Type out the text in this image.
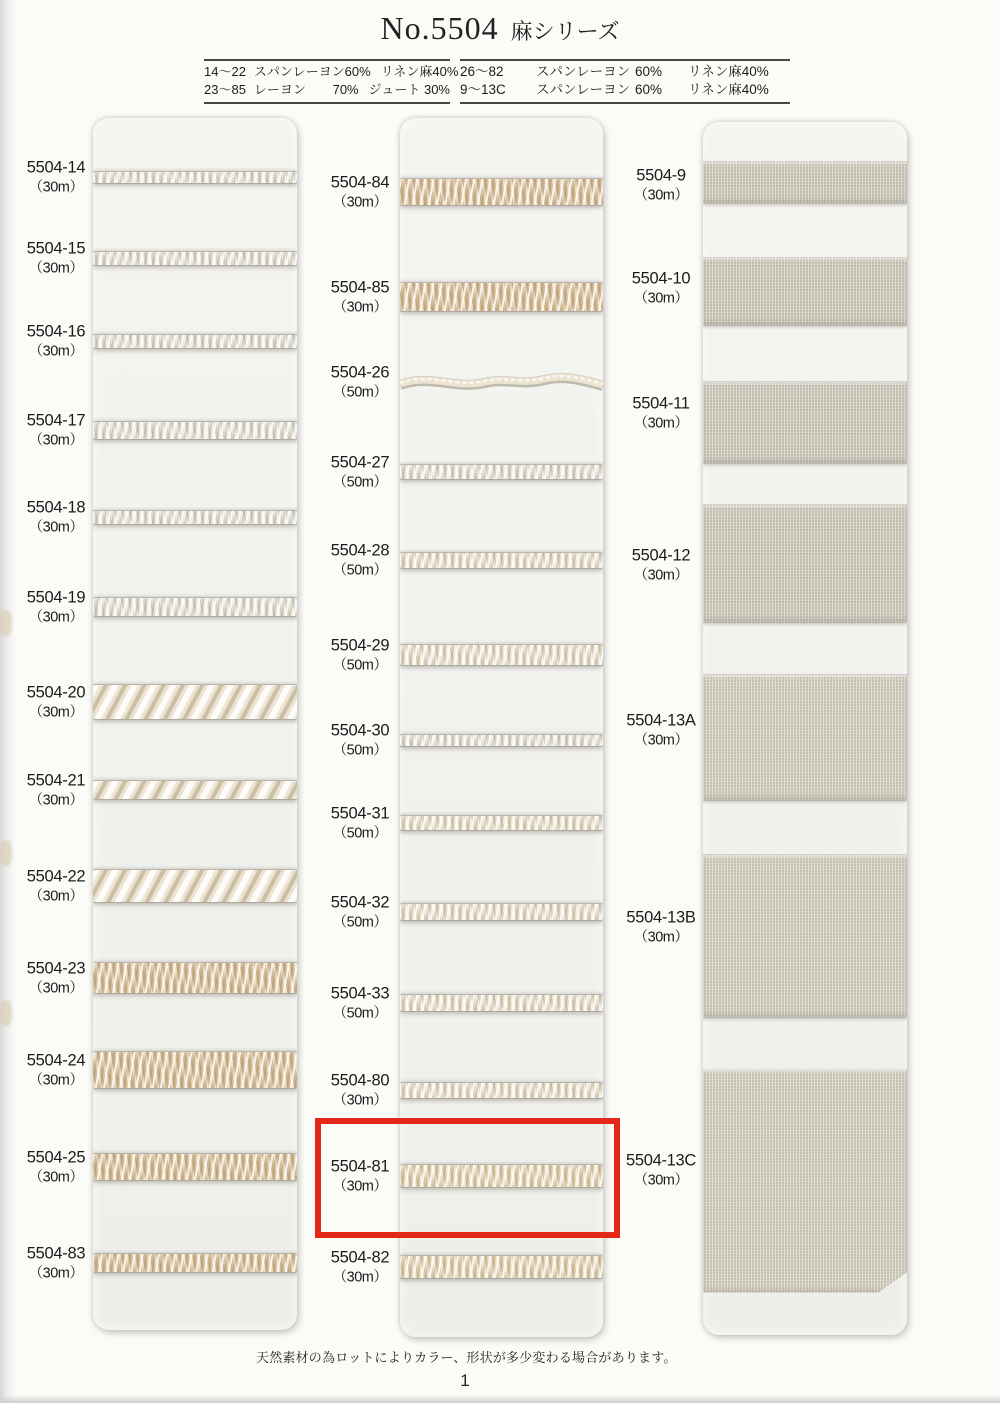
No.5504 麻シリーズ
14〜22 スパンレーヨン 60% リネン麻40%
23〜85 レーヨン 70% ジュート 30%
26〜82	スパンレーヨン 60% リネン麻40%
9〜13C	スパンレーヨン 60% リネン麻40%
天然素材の為ロットによりカラー、形状が多少変わる場合があります。
1
5504-14
（30m）
5504-15
（30m）
5504-16
（30m）
5504-17
（30m）
5504-18
（30m）
5504-19
（30m）
5504-20
（30m）
5504-21
（30m）
5504-22
（30m）
5504-23
（30m）
5504-24
（30m）
5504-25
（30m）
5504-83
（30m）
5504-84
（30m）
5504-85
（30m）
5504-26
（50m）
5504-27
（50m）
5504-28
（50m）
5504-29
（50m）
5504-30
（50m）
5504-31
（50m）
5504-32
（50m）
5504-33
（50m）
5504-80
（30m）
5504-81
（30m）
5504-82
（30m）
5504-9
（30m）
5504-10
（30m）
5504-11
（30m）
5504-12
（30m）
5504-13A
（30m）
5504-13B
（30m）
5504-13C
（30m）
